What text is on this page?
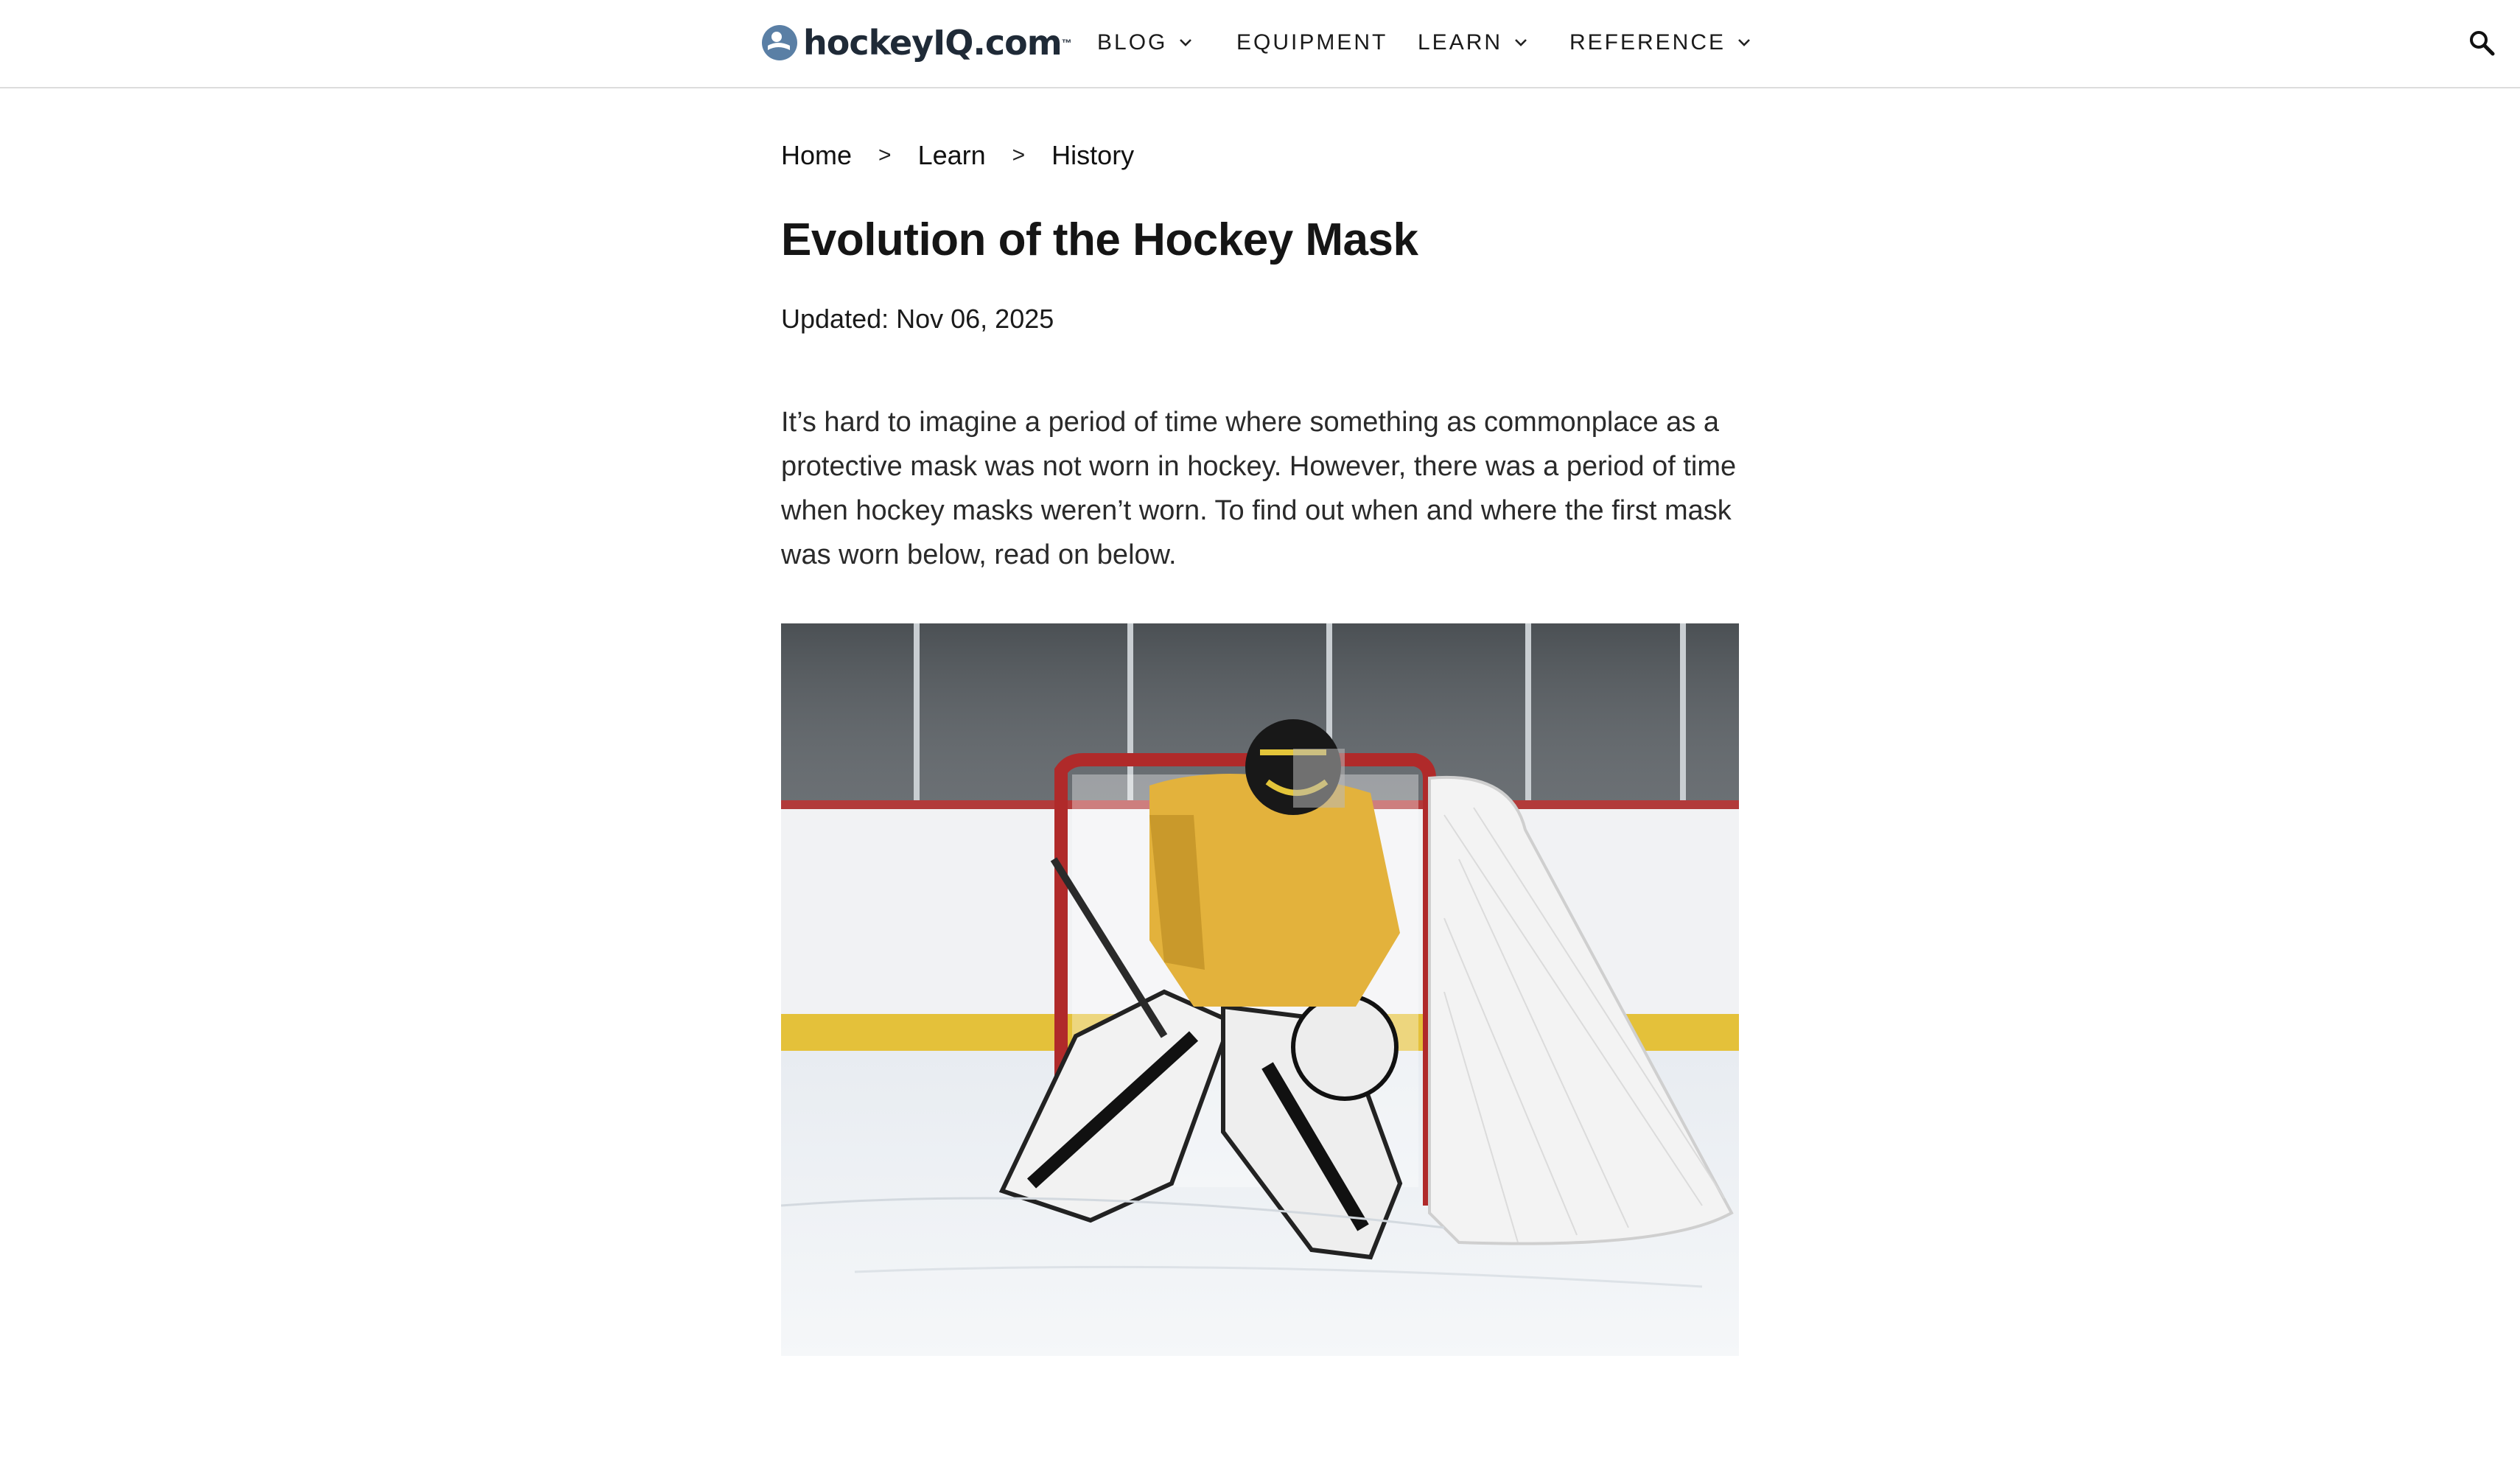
hockeyIQ.com ™ BLOG	EQUIPMENT LEARN	REFERENCE
Home > Learn > History
Evolution of the Hockey Mask
Updated: Nov 06, 2025

It’s hard to imagine a period of time where something as commonplace as a protective mask was not worn in hockey. However, there was a period of time when hockey masks weren’t worn. To find out when and where the first mask was worn below, read on below.
